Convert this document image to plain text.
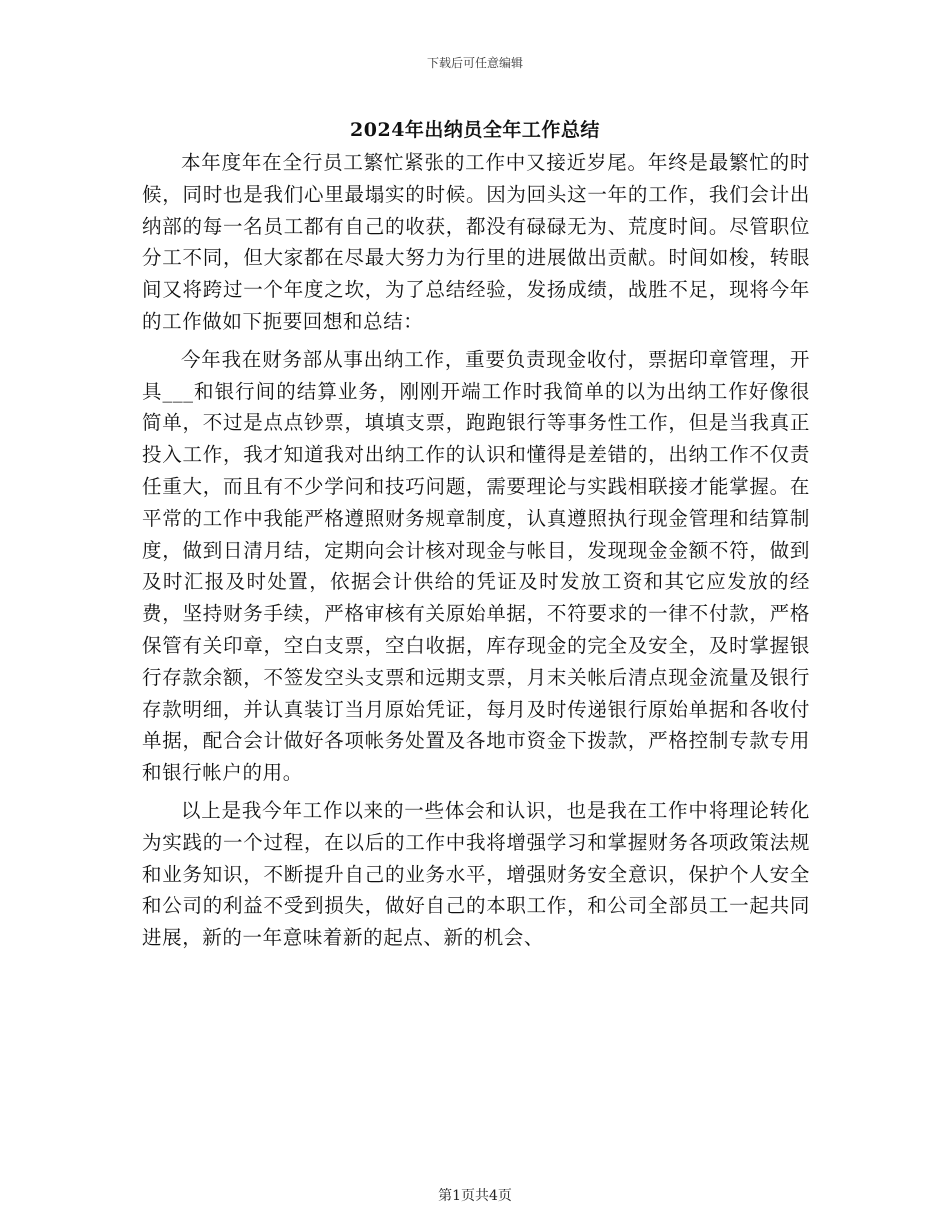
下载后可任意编辑
2024年出纳员全年工作总结

本年度年在全行员工繁忙紧张的工作中又接近岁尾。年终是最繁忙的时候，同时也是我们心里最塌实的时候。因为回头这一年的工作，我们会计出纳部的每一名员工都有自己的收获，都没有碌碌无为、荒度时间。尽管职位分工不同，但大家都在尽最大努力为行里的进展做出贡献。时间如梭，转眼间又将跨过一个年度之坎，为了总结经验，发扬成绩，战胜不足，现将今年的工作做如下扼要回想和总结：

今年我在财务部从事出纳工作，重要负责现金收付，票据印章管理，开具___和银行间的结算业务，刚刚开端工作时我简单的以为出纳工作好像很简单，不过是点点钞票，填填支票，跑跑银行等事务性工作，但是当我真正投入工作，我才知道我对出纳工作的认识和懂得是差错的，出纳工作不仅责任重大，而且有不少学问和技巧问题，需要理论与实践相联接才能掌握。在平常的工作中我能严格遵照财务规章制度，认真遵照执行现金管理和结算制度，做到日清月结，定期向会计核对现金与帐目，发现现金金额不符，做到及时汇报及时处置，依据会计供给的凭证及时发放工资和其它应发放的经费，坚持财务手续，严格审核有关原始单据，不符要求的一律不付款，严格保管有关印章，空白支票，空白收据，库存现金的完全及安全，及时掌握银行存款余额，不签发空头支票和远期支票，月末关帐后清点现金流量及银行存款明细，并认真装订当月原始凭证，每月及时传递银行原始单据和各收付单据，配合会计做好各项帐务处置及各地市资金下拨款，严格控制专款专用和银行帐户的用。

以上是我今年工作以来的一些体会和认识，也是我在工作中将理论转化为实践的一个过程，在以后的工作中我将增强学习和掌握财务各项政策法规和业务知识，不断提升自己的业务水平，增强财务安全意识，保护个人安全和公司的利益不受到损失，做好自己的本职工作，和公司全部员工一起共同进展，新的一年意味着新的起点、新的机会、

第1页共4页
